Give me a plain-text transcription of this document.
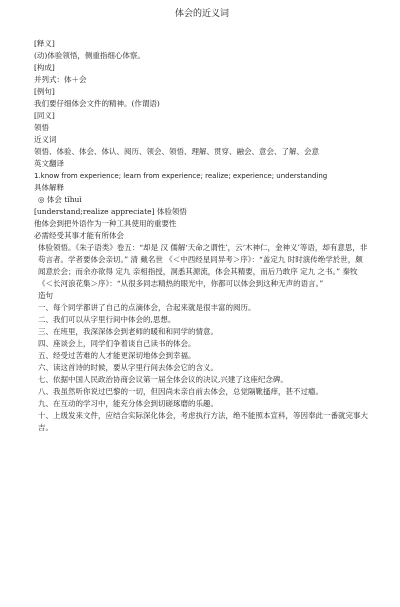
体会的近义词
[释义]
(动)体验领悟，侧重指细心体察。
[构成]
并列式：体＋会
[例句]
我们要仔细体会文件的精神。(作谓语)
[同义]
领悟
近义词
领悟、体验、体会、体认、阅历、领会、领悟、理解、贯穿、融会、意会、了解、会意
英文翻译
1.know from experience; learn from experience; realize; experience; understanding
具体解释
◎ 体会 tǐhuì
[understand;realize appreciate] 体验领悟
他体会到把外语作为一种工具使用的重要性
必需经受其事才能有所体会
体验领悟。《朱子语类》卷五：“却是 汉 儒解‘天命之谓性’，云‘木神仁，金神义’等语，却有意思，非苟言者。学者要体会亲切。” 清 戴名世 《＜中西经星同异考＞序》：“盖定九 时时演传绝学於世，颇闻意於会；而余亦欲得 定九 亲相指授，洞悉其源流，体会其精要，而后乃敢序 定九 之书。” 秦牧 《＜长河浪花集＞序》：“从很多同志精热的眼光中，你都可以体会到这种无声的语言。”
造句
一、每个同学都讲了自己的点滴体会，合起来就是很丰富的阅历。
二、我们可以从字里行间中体会的,思想。
三、在班里，我深深体会到老师的暖和和同学的情意。
四、座谈会上，同学们争着谈自己读书的体会。
五、经受过苦难的人才能更深切地体会到幸福。
六、读这首诗的时候，要从字里行间去体会它的含义。
七、依据中国人民政治协商会议第一届全体会议的决议,兴建了这座纪念碑。
八、我虽然听你说过巴黎的一切，但因尚未亲自前去体会，总觉隔靴搔痒，甚不过瘾。
九、在互动的学习中，能充分体会到切磋琢磨的乐趣。
十、上级发来文件，应结合实际深化体会，考虑执行方法，绝不能照本宣科，等因奉此一番就完事大吉。
